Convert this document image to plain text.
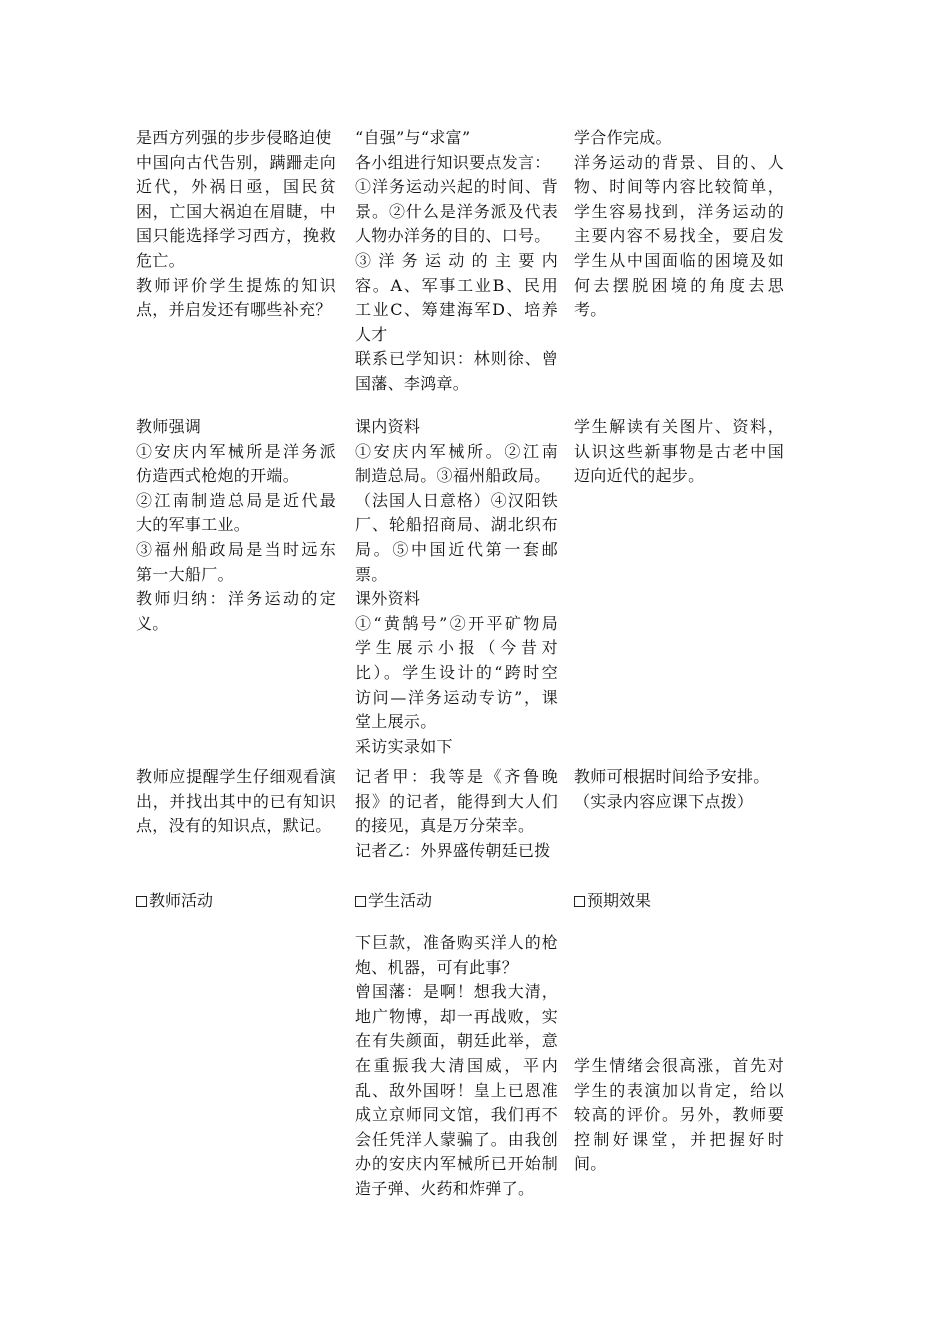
是西方列强的步步侵略迫使
中国向古代告别，蹒跚走向
近代，外祸日亟，国民贫
困，亡国大祸迫在眉睫，中
国只能选择学习西方，挽救
危亡。
教师评价学生提炼的知识
点，并启发还有哪些补充？
“自强”与“求富”
各小组进行知识要点发言：
①洋务运动兴起的时间、背
景。②什么是洋务派及代表
人物办洋务的目的、口号。
③洋务运动的主要内
容。A、军事工业B、民用
工业C、筹建海军D、培养
人才
联系已学知识：林则徐、曾
国藩、李鸿章。
学合作完成。
洋务运动的背景、目的、人
物、时间等内容比较简单，
学生容易找到，洋务运动的
主要内容不易找全，要启发
学生从中国面临的困境及如
何去摆脱困境的角度去思
考。
教师强调
①安庆内军械所是洋务派
仿造西式枪炮的开端。
②江南制造总局是近代最
大的军事工业。
③福州船政局是当时远东
第一大船厂。
教师归纳：洋务运动的定
义。
课内资料
①安庆内军械所。②江南
制造总局。③福州船政局。
（法国人日意格）④汉阳铁
厂、轮船招商局、湖北织布
局。⑤中国近代第一套邮
票。
课外资料
①“黄鹄号”②开平矿物局
学生展示小报（今昔对
比）。学生设计的“跨时空
访问—洋务运动专访”，课
堂上展示。
采访实录如下
学生解读有关图片、资料，
认识这些新事物是古老中国
迈向近代的起步。
教师应提醒学生仔细观看演
出，并找出其中的已有知识
点，没有的知识点，默记。
记者甲：我等是《齐鲁晚
报》的记者，能得到大人们
的接见，真是万分荣幸。
记者乙：外界盛传朝廷已拨
教师可根据时间给予安排。
（实录内容应课下点拨）
教师活动	学生活动	预期效果
下巨款，准备购买洋人的枪
炮、机器，可有此事？
曾国藩：是啊！想我大清，
地广物博，却一再战败，实
在有失颜面，朝廷此举，意
在重振我大清国威，平内
乱、敌外国呀！皇上已恩准
成立京师同文馆，我们再不
会任凭洋人蒙骗了。由我创
办的安庆内军械所已开始制
造子弹、火药和炸弹了。
学生情绪会很高涨，首先对
学生的表演加以肯定，给以
较高的评价。另外，教师要
控制好课堂，并把握好时
间。
